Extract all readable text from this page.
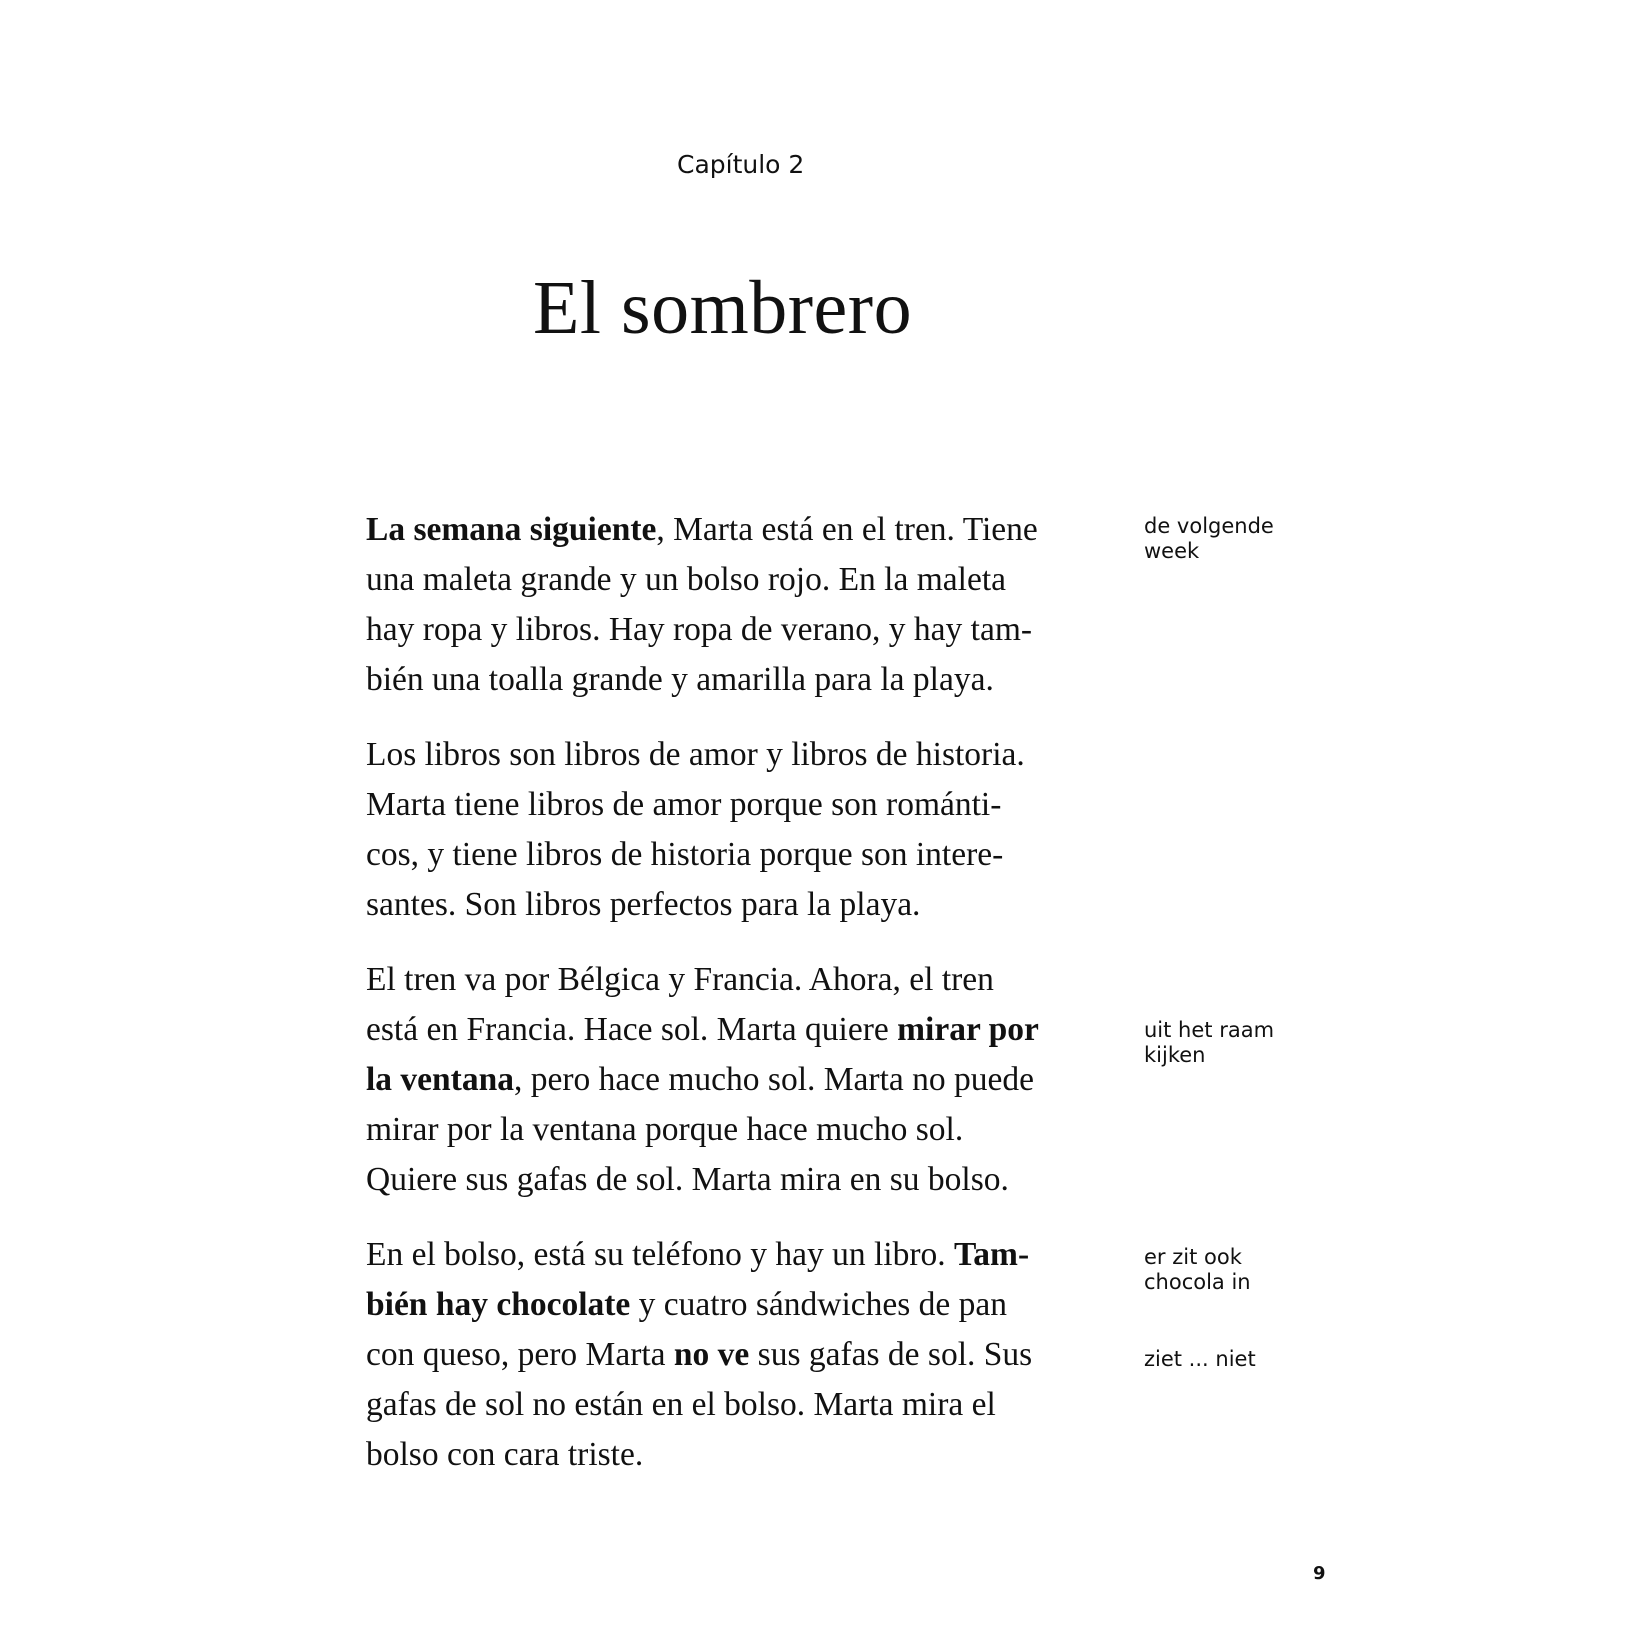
Capítulo 2
El sombrero
La semana siguiente, Marta está en el tren. Tiene
una maleta grande y un bolso rojo. En la maleta
hay ropa y libros. Hay ropa de verano, y hay tam-
bién una toalla grande y amarilla para la playa.
Los libros son libros de amor y libros de historia.
Marta tiene libros de amor porque son románti-
cos, y tiene libros de historia porque son intere-
santes. Son libros perfectos para la playa.
El tren va por Bélgica y Francia. Ahora, el tren
está en Francia. Hace sol. Marta quiere mirar por
la ventana, pero hace mucho sol. Marta no puede
mirar por la ventana porque hace mucho sol.
Quiere sus gafas de sol. Marta mira en su bolso.
En el bolso, está su teléfono y hay un libro. Tam-
bién hay chocolate y cuatro sándwiches de pan
con queso, pero Marta no ve sus gafas de sol. Sus
gafas de sol no están en el bolso. Marta mira el
bolso con cara triste.
de volgende
week
uit het raam
kijken
er zit ook
chocola in
ziet ... niet
9
